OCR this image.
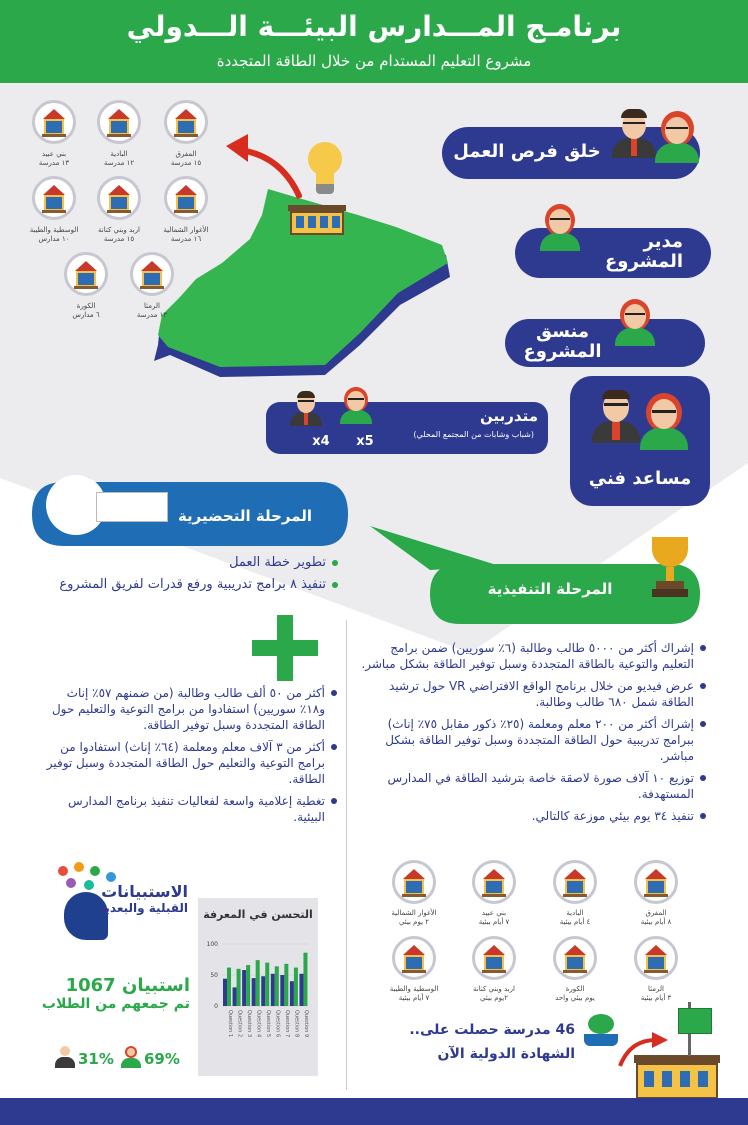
برنامـج المـــدارس البيئـــة الـــدولي
مشروع التعليم المستدام من خلال الطاقة المتجددة
المفرق
١٥ مدرسة
البادية
١٢ مدرسة
بني عبيد
١٣ مدرسة
الأغوار الشمالية
١٦ مدرسة
اربد وبني كنانة
١٥ مدرسة
الوسطية والطيبة
١٠ مدارس
الرمثا
١٣ مدرسة
الكورة
٦ مدارس
خلق فرص العمل
مدير
المشروع
منسق
المشروع
متدربين
(شباب وشابات من المجتمع المحلي)
x4	x5
مساعد فني
المرحلة التحضيرية
تطوير خطة العمل
تنفيذ ٨ برامج تدريبية ورفع قدرات لفريق المشروع	المرحلة التنفيذية
إشراك أكثر من ٥٠٠٠ طالب وطالبة (٦٪ سوريين) ضمن برامج التعليم والتوعية بالطاقة المتجددة وسبل توفير الطاقة بشكل مباشر.
عرض فيديو من خلال برنامج الواقع الافتراضي VR حول ترشيد الطاقة شمل ٦٨٠ طالب وطالبة.
إشراك أكثر من ٢٠٠ معلم ومعلمة (٢٥٪ ذكور مقابل ٧٥٪ إناث) ببرامج تدريبية حول الطاقة المتجددة وسبل توفير الطاقة بشكل مباشر.
توزيع ١٠ آلاف صورة لاصقة خاصة بترشيد الطاقة في المدارس المستهدفة.
تنفيذ ٣٤ يوم بيئي موزعة كالتالي.
أكثر من ٥٠ ألف طالب وطالبة (من ضمنهم ٥٧٪ إناث و١٨٪ سوريين) استفادوا من برامج التوعية والتعليم حول الطاقة المتجددة وسبل توفير الطاقة.
أكثر من ٣ آلاف معلم ومعلمة (٦٤٪ إناث) استفادوا من برامج التوعية والتعليم حول الطاقة المتجددة وسبل توفير الطاقة.
تغطية إعلامية واسعة لفعاليات تنفيذ برنامج المدارس البيئية.
المفرق
٨ أيام بيئية
البادية
٤ أيام بيئية
بني عبيد
٧ أيام بيئية
الأغوار الشمالية
٢ يوم بيئي
الرمثا
٣ أيام بيئية
الكورة
يوم بيئي واحد
اربد وبني كنانة
٢يوم بيئي
الوسطية والطيبة
٧ أيام بيئية
46 مدرسة حصلت على..
الشهادة الدولية الآن
الاستبيانات
القبلية والبعدية
استبيان 1067
تم جمعهم من الطلاب
31% 69%
التحسن في المعرفة
0
50
100
Question 1 Question 2 Question 3 Question 4 Question 5 Question 6 Question 7 Question 8 Question 9
